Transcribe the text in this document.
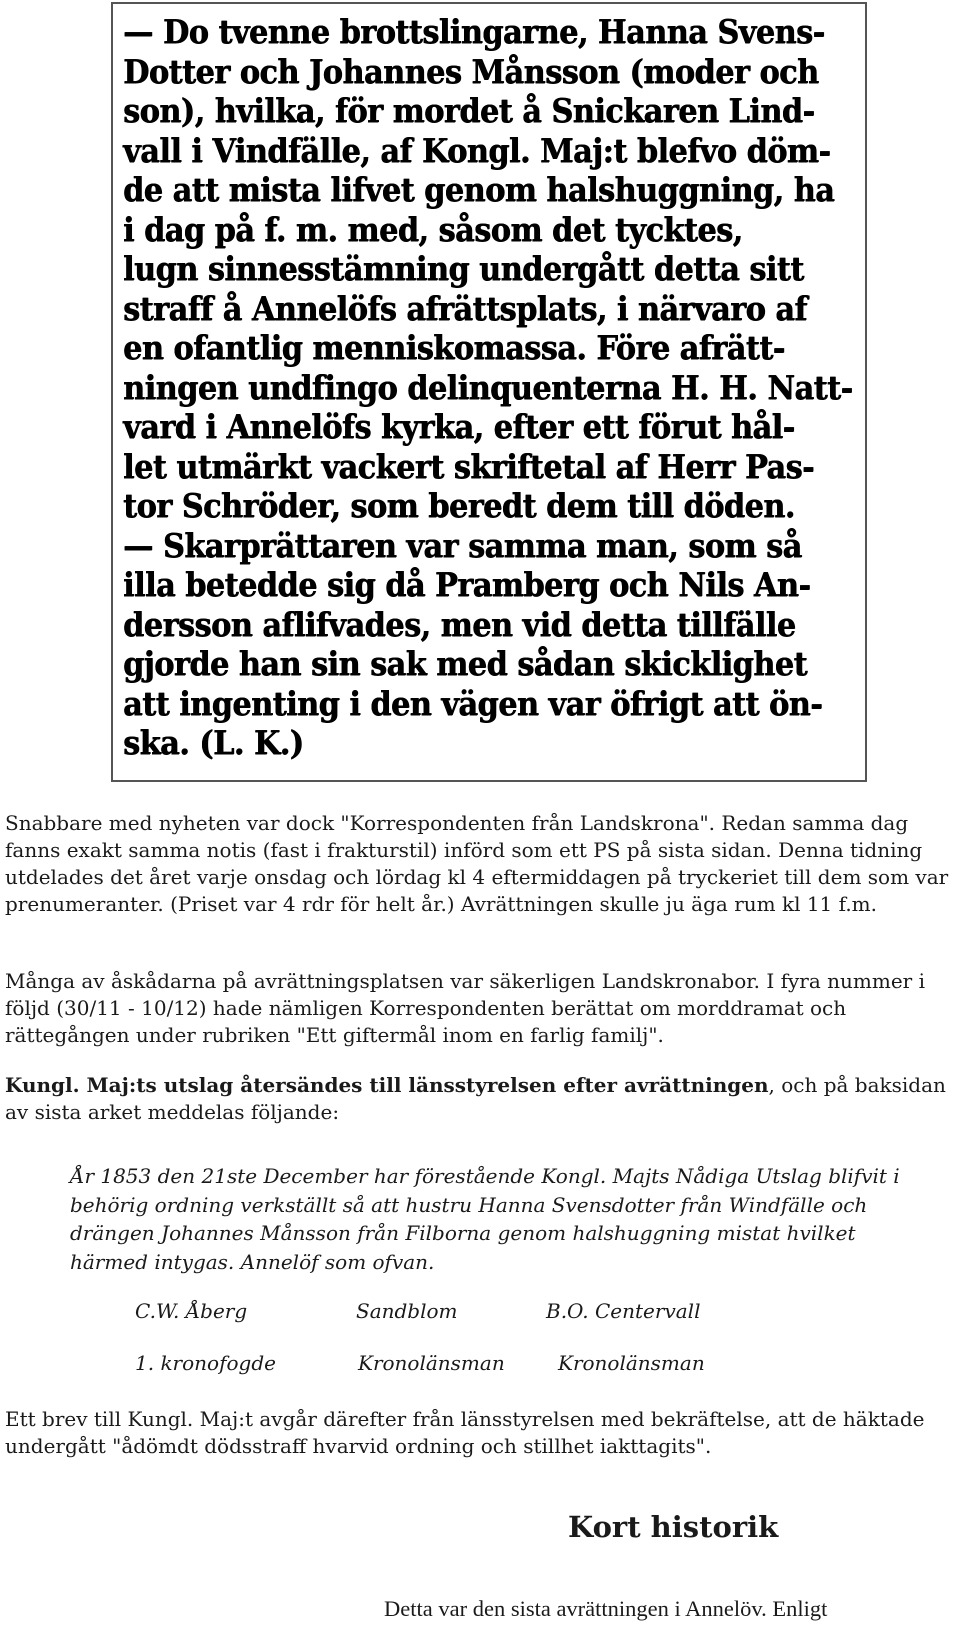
— Do tvenne brottslingarne, Hanna Svens-
Dotter och Johannes Månsson (moder och
son), hvilka, för mordet å Snickaren Lind-
vall i Vindfälle, af Kongl. Maj:t blefvo döm-
de att mista lifvet genom halshuggning, ha
i dag på f. m. med, såsom det tycktes,
lugn sinnesstämning undergått detta sitt
straff å Annelöfs afrättsplats, i närvaro af
en ofantlig menniskomassa. Före afrätt-
ningen undfingo delinquenterna H. H. Natt-
vard i Annelöfs kyrka, efter ett förut hål-
let utmärkt vackert skriftetal af Herr Pas-
tor Schröder, som beredt dem till döden.
— Skarprättaren var samma man, som så
illa betedde sig då Pramberg och Nils An-
dersson aflifvades, men vid detta tillfälle
gjorde han sin sak med sådan skicklighet
att ingenting i den vägen var öfrigt att ön-
ska. (L. K.)

Snabbare med nyheten var dock "Korrespondenten från Landskrona". Redan samma dag fanns exakt samma notis (fast i frakturstil) införd som ett PS på sista sidan. Denna tidning utdelades det året varje onsdag och lördag kl 4 eftermiddagen på tryckeriet till dem som var prenumeranter. (Priset var 4 rdr för helt år.) Avrättningen skulle ju äga rum kl 11 f.m.

Många av åskådarna på avrättningsplatsen var säkerligen Landskronabor. I fyra nummer i följd (30/11 - 10/12) hade nämligen Korrespondenten berättat om morddramat och rättegången under rubriken "Ett giftermål inom en farlig familj".

Kungl. Maj:ts utslag återsändes till länsstyrelsen efter avrättningen, och på baksidan av sista arket meddelas följande:

År 1853 den 21ste December har förestående Kongl. Majts Nådiga Utslag blifvit i behörig ordning verkställt så att hustru Hanna Svensdotter från Windfälle och drängen Johannes Månsson från Filborna genom halshuggning mistat hvilket härmed intygas. Annelöf som ofvan.
C.W. Åberg	Sandblom	B.O. Centervall
1. kronofogde	Kronolänsman	Kronolänsman

Ett brev till Kungl. Maj:t avgår därefter från länsstyrelsen med bekräftelse, att de häktade undergått "ådömdt dödsstraff hvarvid ordning och stillhet iakttagits".

Kort historik
Detta var den sista avrättningen i Annelöv. Enligt
